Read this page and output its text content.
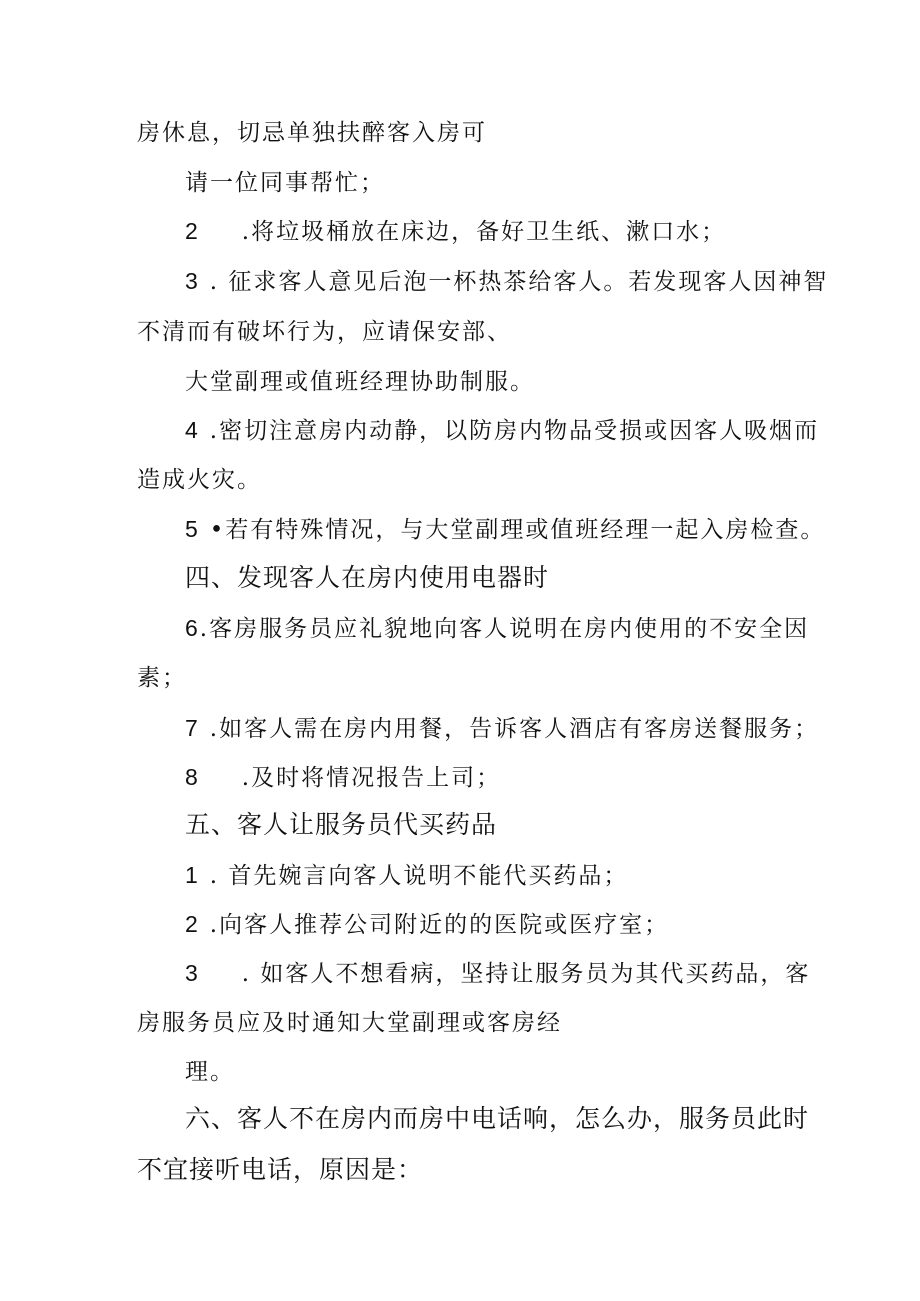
房休息，切忌单独扶醉客入房可
请一位同事帮忙；
2 .将垃圾桶放在床边，备好卫生纸、漱口水；
3 . 征求客人意见后泡一杯热茶给客人。若发现客人因神智
不清而有破坏行为，应请保安部、
大堂副理或值班经理协助制服。
4 .密切注意房内动静，以防房内物品受损或因客人吸烟而
造成火灾。
5 •若有特殊情况，与大堂副理或值班经理一起入房检查。
四、发现客人在房内使用电器时
6.客房服务员应礼貌地向客人说明在房内使用的不安全因
素；
7 .如客人需在房内用餐，告诉客人酒店有客房送餐服务；
8 .及时将情况报告上司；
五、客人让服务员代买药品
1 . 首先婉言向客人说明不能代买药品；
2 .向客人推荐公司附近的的医院或医疗室；
3 . 如客人不想看病，坚持让服务员为其代买药品，客
房服务员应及时通知大堂副理或客房经
理。
六、客人不在房内而房中电话响，怎么办，服务员此时
不宜接听电话，原因是：
